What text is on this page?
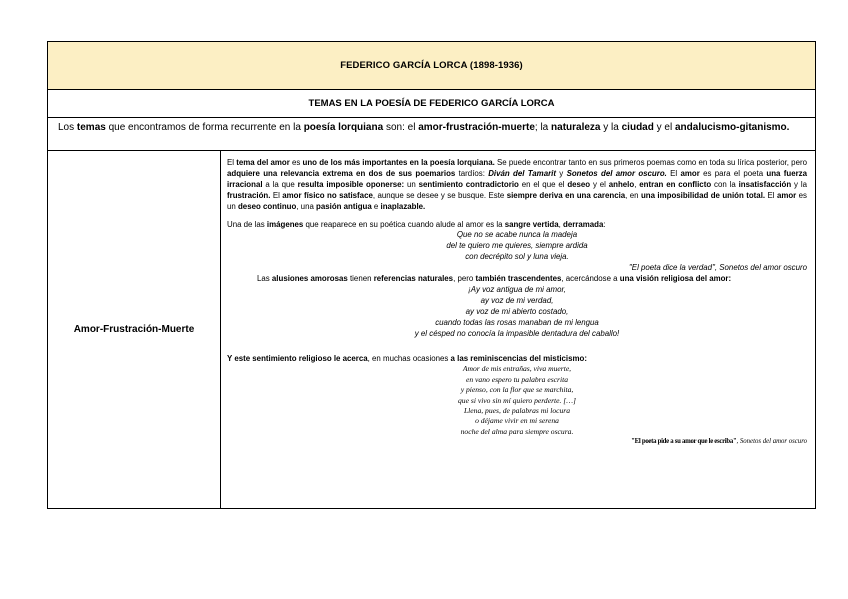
FEDERICO GARCÍA LORCA (1898-1936)
TEMAS EN LA POESÍA DE FEDERICO GARCÍA LORCA
Los temas que encontramos de forma recurrente en la poesía lorquiana son: el amor-frustración-muerte; la naturaleza y la ciudad y el andalucismo-gitanismo.
Amor-Frustración-Muerte
El tema del amor es uno de los más importantes en la poesía lorquiana. Se puede encontrar tanto en sus primeros poemas como en toda su lírica posterior, pero adquiere una relevancia extrema en dos de sus poemarios tardíos: Diván del Tamarit y Sonetos del amor oscuro. El amor es para el poeta una fuerza irracional a la que resulta imposible oponerse: un sentimiento contradictorio en el que el deseo y el anhelo, entran en conflicto con la insatisfacción y la frustración. El amor físico no satisface, aunque se desee y se busque. Este siempre deriva en una carencia, en una imposibilidad de unión total. El amor es un deseo continuo, una pasión antigua e inaplazable.
Una de las imágenes que reaparece en su poética cuando alude al amor es la sangre vertida, derramada:
Que no se acabe nunca la madeja
del te quiero me quieres, siempre ardida
con decrépito sol y luna vieja.
"El poeta dice la verdad", Sonetos del amor oscuro
Las alusiones amorosas tienen referencias naturales, pero también trascendentes, acercándose a una visión religiosa del amor:
¡Ay voz antigua de mi amor,
ay voz de mi verdad,
ay voz de mi abierto costado,
cuando todas las rosas manaban de mi lengua
y el césped no conocía la impasible dentadura del caballo!
Y este sentimiento religioso le acerca, en muchas ocasiones a las reminiscencias del misticismo:
Amor de mis entrañas, viva muerte,
en vano espero tu palabra escrita
y pienso, con la flor que se marchita,
que si vivo sin mí quiero perderte. […]
Llena, pues, de palabras mi locura
o déjame vivir en mi serena
noche del alma para siempre oscura.
"El poeta pide a su amor que le escriba", Sonetos del amor oscuro
